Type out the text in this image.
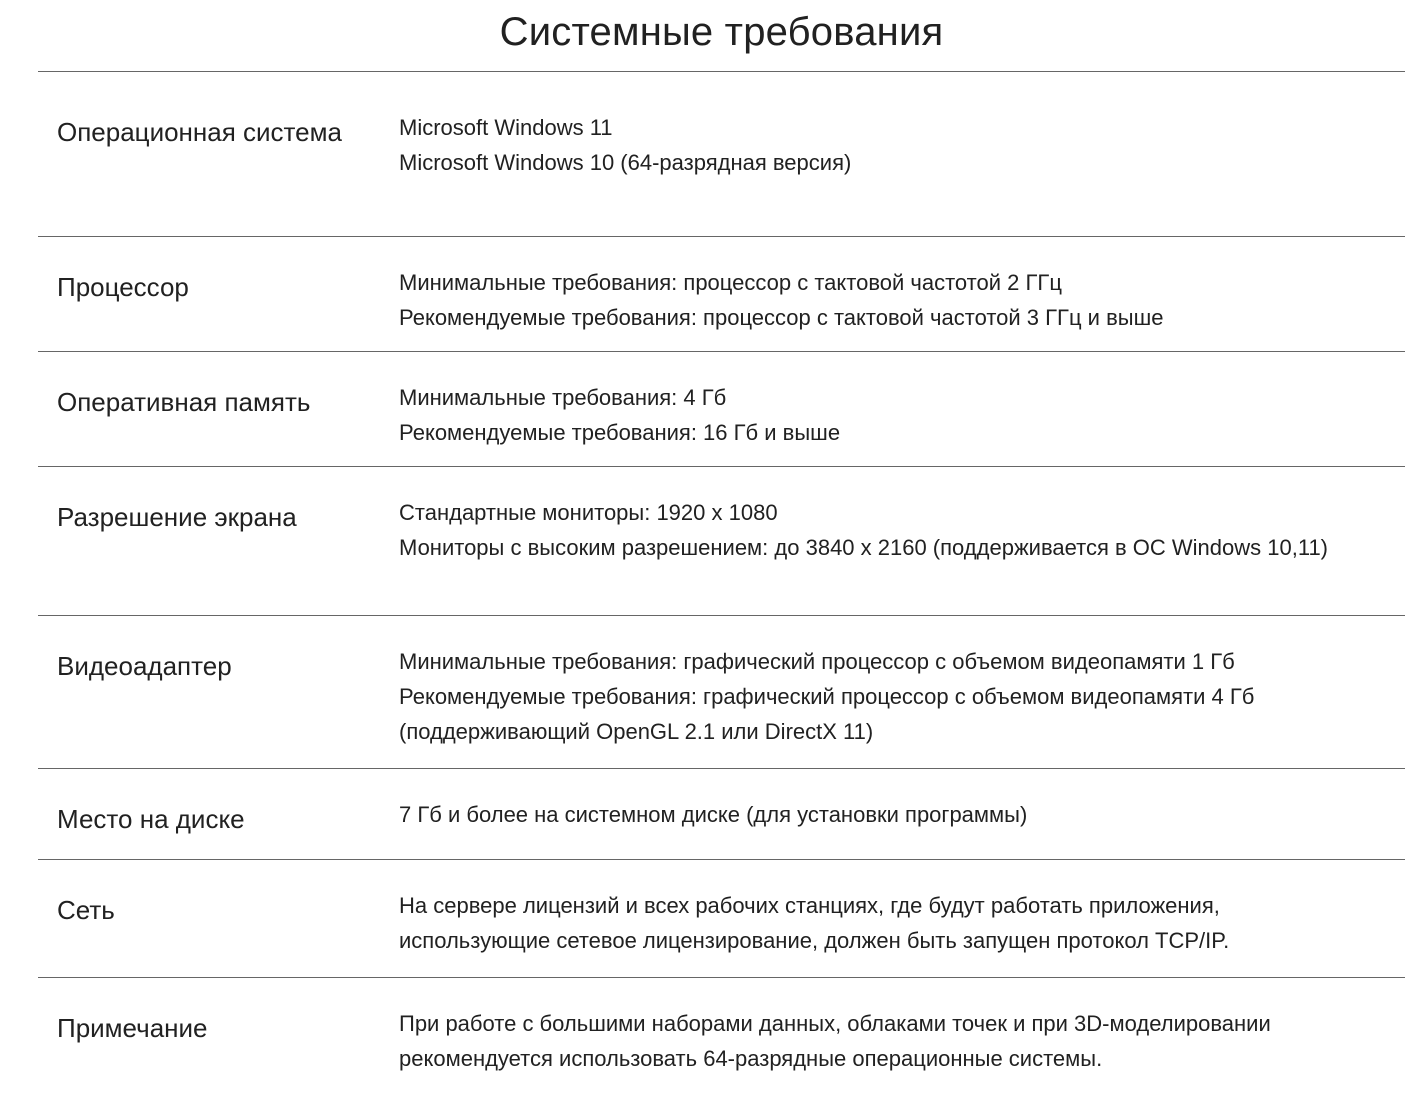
Системные требования
Операционная система	Microsoft Windows 11
Microsoft Windows 10 (64-разрядная версия)
Процессор	Минимальные требования: процессор с тактовой частотой 2 ГГц
Рекомендуемые требования: процессор с тактовой частотой 3 ГГц и выше
Оперативная память	Минимальные требования: 4 Гб
Рекомендуемые требования: 16 Гб и выше
Разрешение экрана	Стандартные мониторы: 1920 x 1080
Мониторы с высоким разрешением: до 3840 x 2160 (поддерживается в ОС Windows 10,11)
Видеоадаптер	Минимальные требования: графический процессор с объемом видеопамяти 1 Гб
Рекомендуемые требования: графический процессор с объемом видеопамяти 4 Гб (поддерживающий OpenGL 2.1 или DirectX 11)
Место на диске	7 Гб и более на системном диске (для установки программы)
Сеть	На сервере лицензий и всех рабочих станциях, где будут работать приложения, использующие сетевое лицензирование, должен быть запущен протокол TCP/IP.
Примечание	При работе с большими наборами данных, облаками точек и при 3D-моделировании рекомендуется использовать 64-разрядные операционные системы.
